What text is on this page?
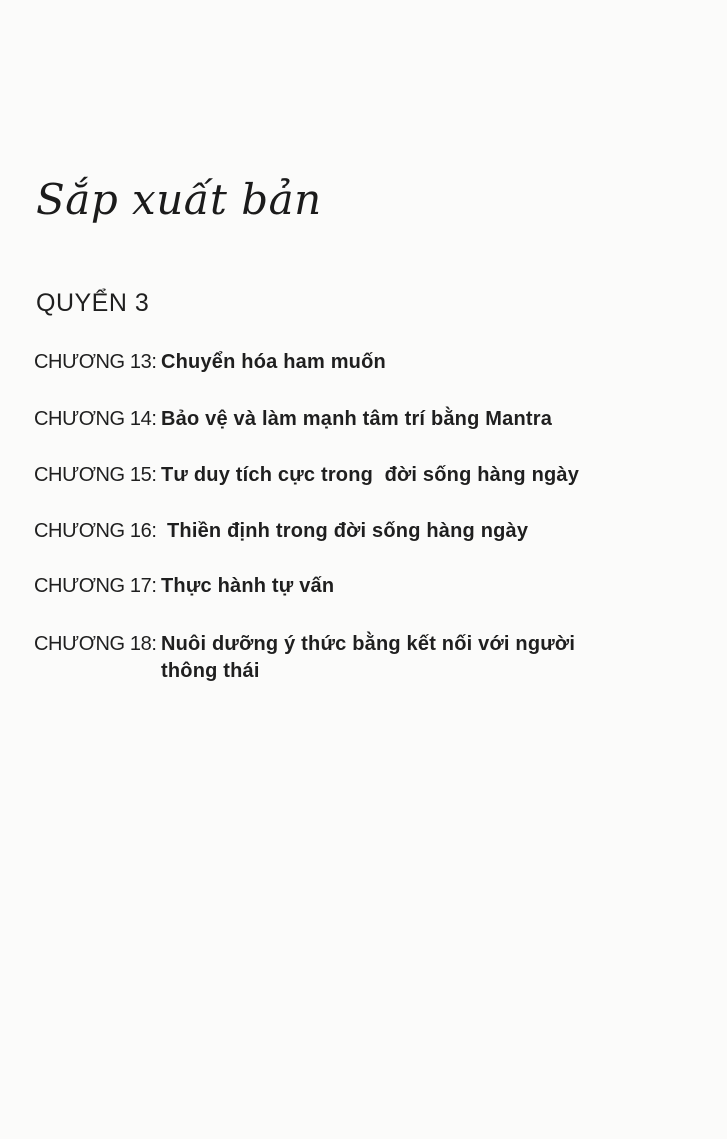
Sắp xuất bản
QUYỂN 3
CHƯƠNG 13: Chuyển hóa ham muốn
CHƯƠNG 14: Bảo vệ và làm mạnh tâm trí bằng Mantra
CHƯƠNG 15: Tư duy tích cực trong  đời sống hàng ngày
CHƯƠNG 16: Thiền định trong đời sống hàng ngày
CHƯƠNG 17: Thực hành tự vấn
CHƯƠNG 18: Nuôi dưỡng ý thức bằng kết nối với người thông thái
